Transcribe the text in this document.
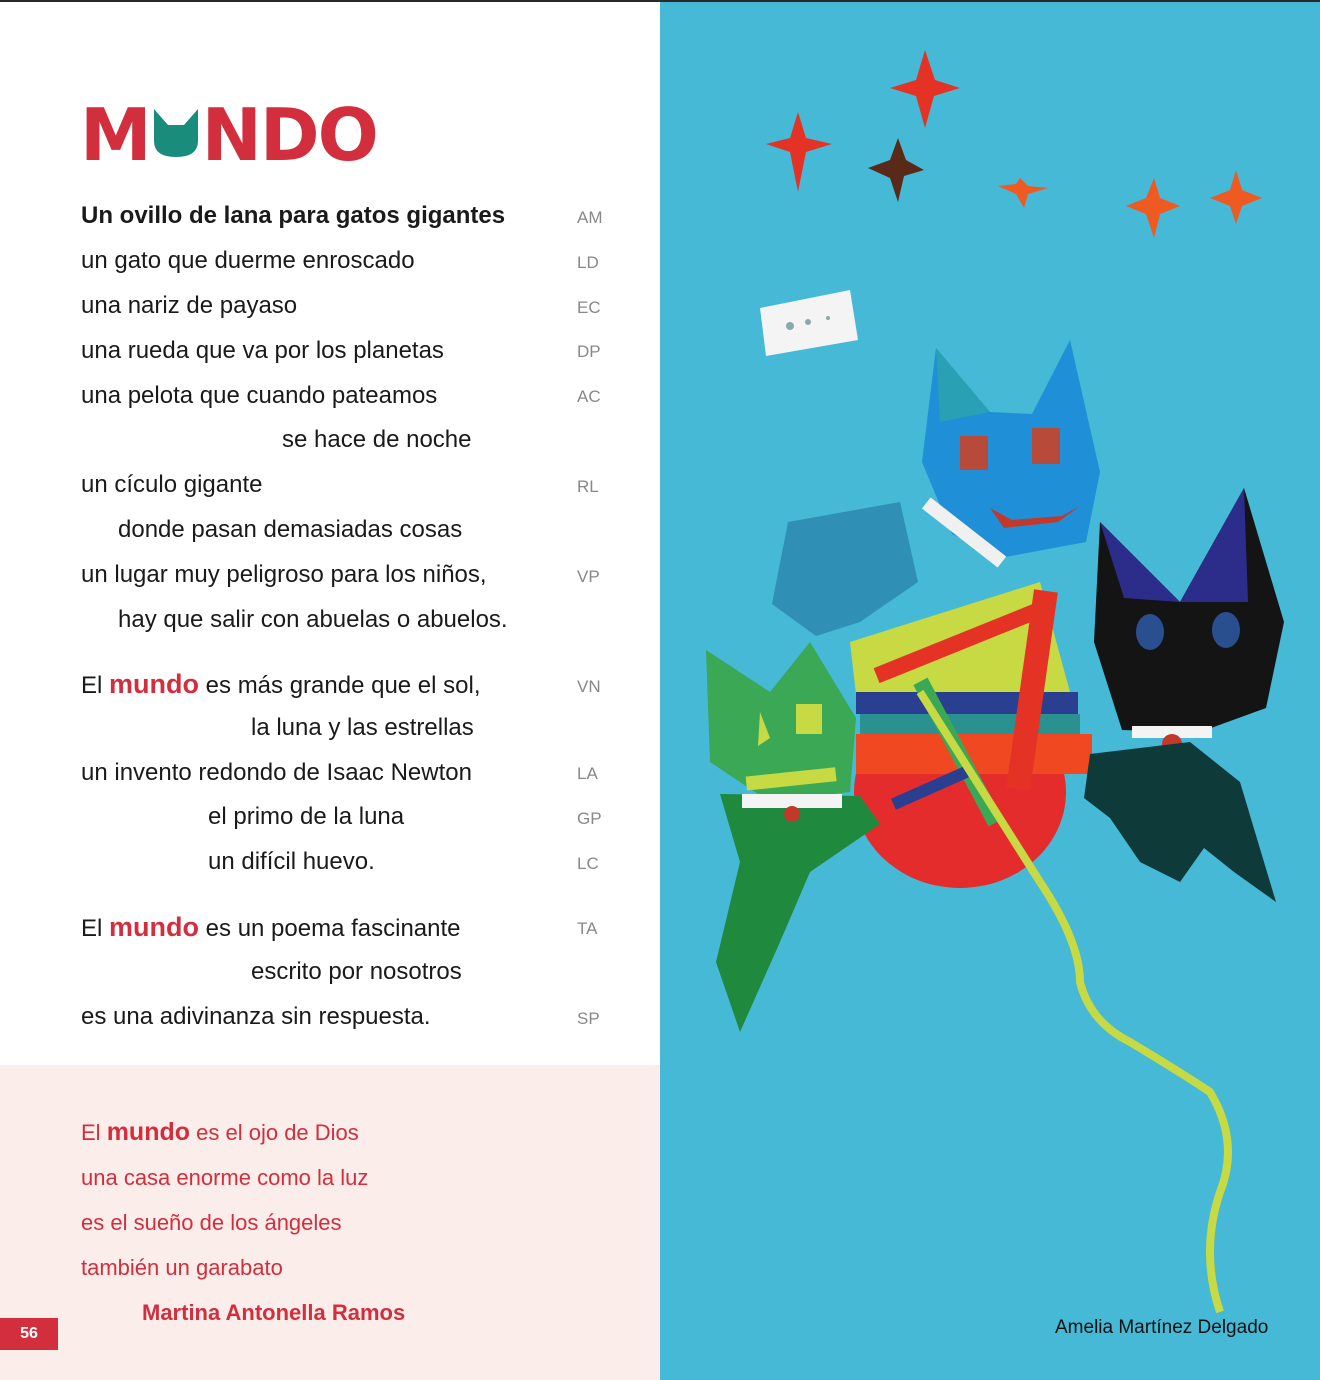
M NDO
Un ovillo de lana para gatos gigantes	AM
un gato que duerme enroscado	LD
una nariz de payaso	EC
una rueda que va por los planetas	DP
una pelota que cuando pateamos	AC
se hace de noche
un cículo gigante	RL
donde pasan demasiadas cosas
un lugar muy peligroso para los niños,	VP
hay que salir con abuelas o abuelos.
El mundo es más grande que el sol,	VN
la luna y las estrellas
un invento redondo de Isaac Newton	LA
el primo de la luna	GP
un difícil huevo.	LC
El mundo es un poema fascinante	TA
escrito por nosotros
es una adivinanza sin respuesta.	SP
El mundo es el ojo de Dios
una casa enorme como la luz
es el sueño de los ángeles
también un garabato
Martina Antonella Ramos
56	Amelia Martínez Delgado
